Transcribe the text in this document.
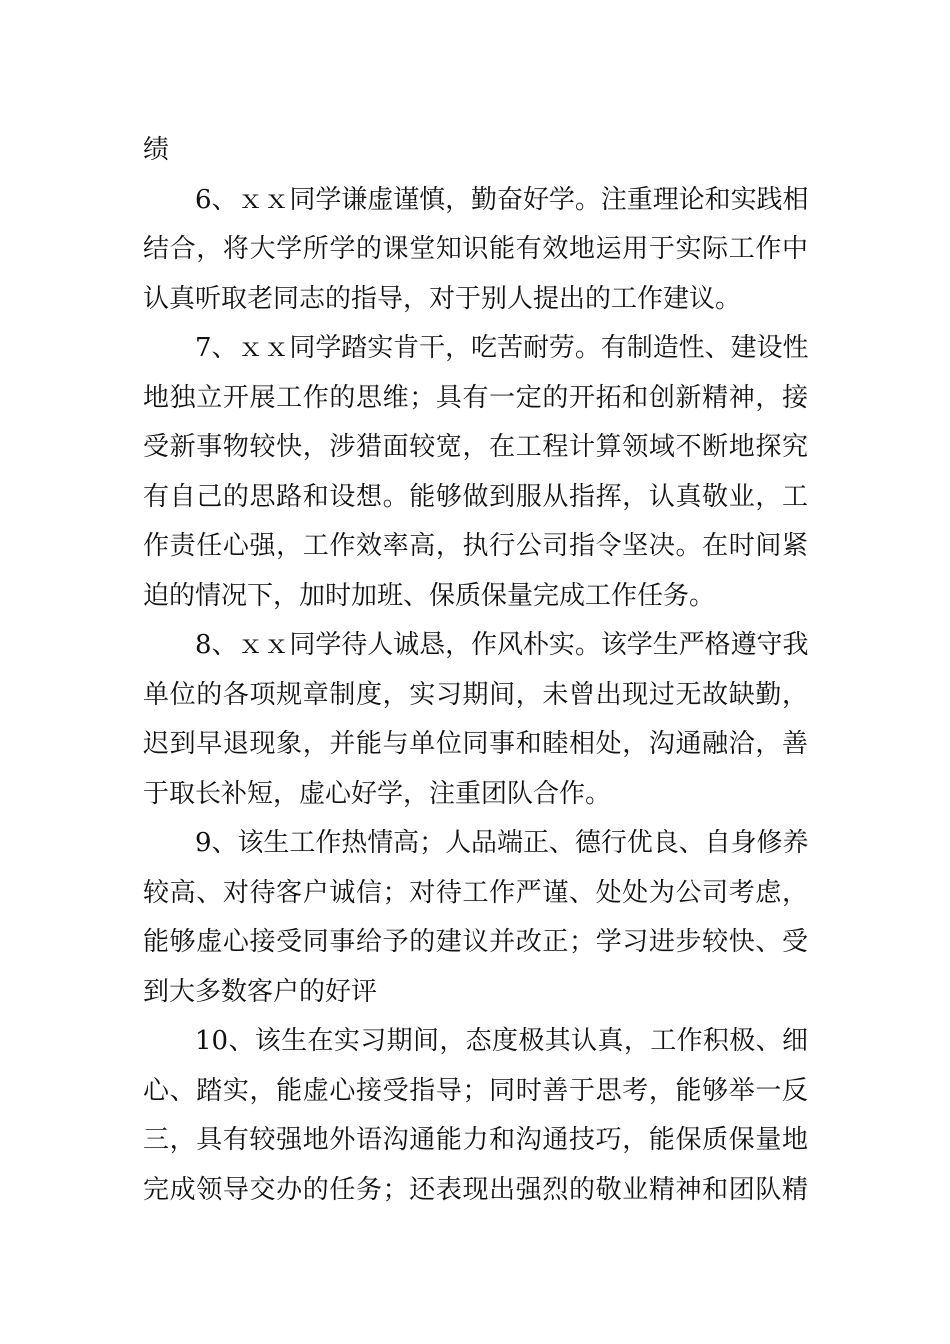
绩
6、ｘｘ同学谦虚谨慎，勤奋好学。注重理论和实践相
结合，将大学所学的课堂知识能有效地运用于实际工作中
认真听取老同志的指导，对于别人提出的工作建议。
7、ｘｘ同学踏实肯干，吃苦耐劳。有制造性、建设性
地独立开展工作的思维；具有一定的开拓和创新精神，接
受新事物较快，涉猎面较宽，在工程计算领域不断地探究
有自己的思路和设想。能够做到服从指挥，认真敬业，工
作责任心强，工作效率高，执行公司指令坚决。在时间紧
迫的情况下，加时加班、保质保量完成工作任务。
8、ｘｘ同学待人诚恳，作风朴实。该学生严格遵守我
单位的各项规章制度，实习期间，未曾出现过无故缺勤，
迟到早退现象，并能与单位同事和睦相处，沟通融洽，善
于取长补短，虚心好学，注重团队合作。
9、该生工作热情高；人品端正、德行优良、自身修养
较高、对待客户诚信；对待工作严谨、处处为公司考虑，
能够虚心接受同事给予的建议并改正；学习进步较快、受
到大多数客户的好评
10、该生在实习期间，态度极其认真，工作积极、细
心、踏实，能虚心接受指导；同时善于思考，能够举一反
三，具有较强地外语沟通能力和沟通技巧，能保质保量地
完成领导交办的任务；还表现出强烈的敬业精神和团队精
